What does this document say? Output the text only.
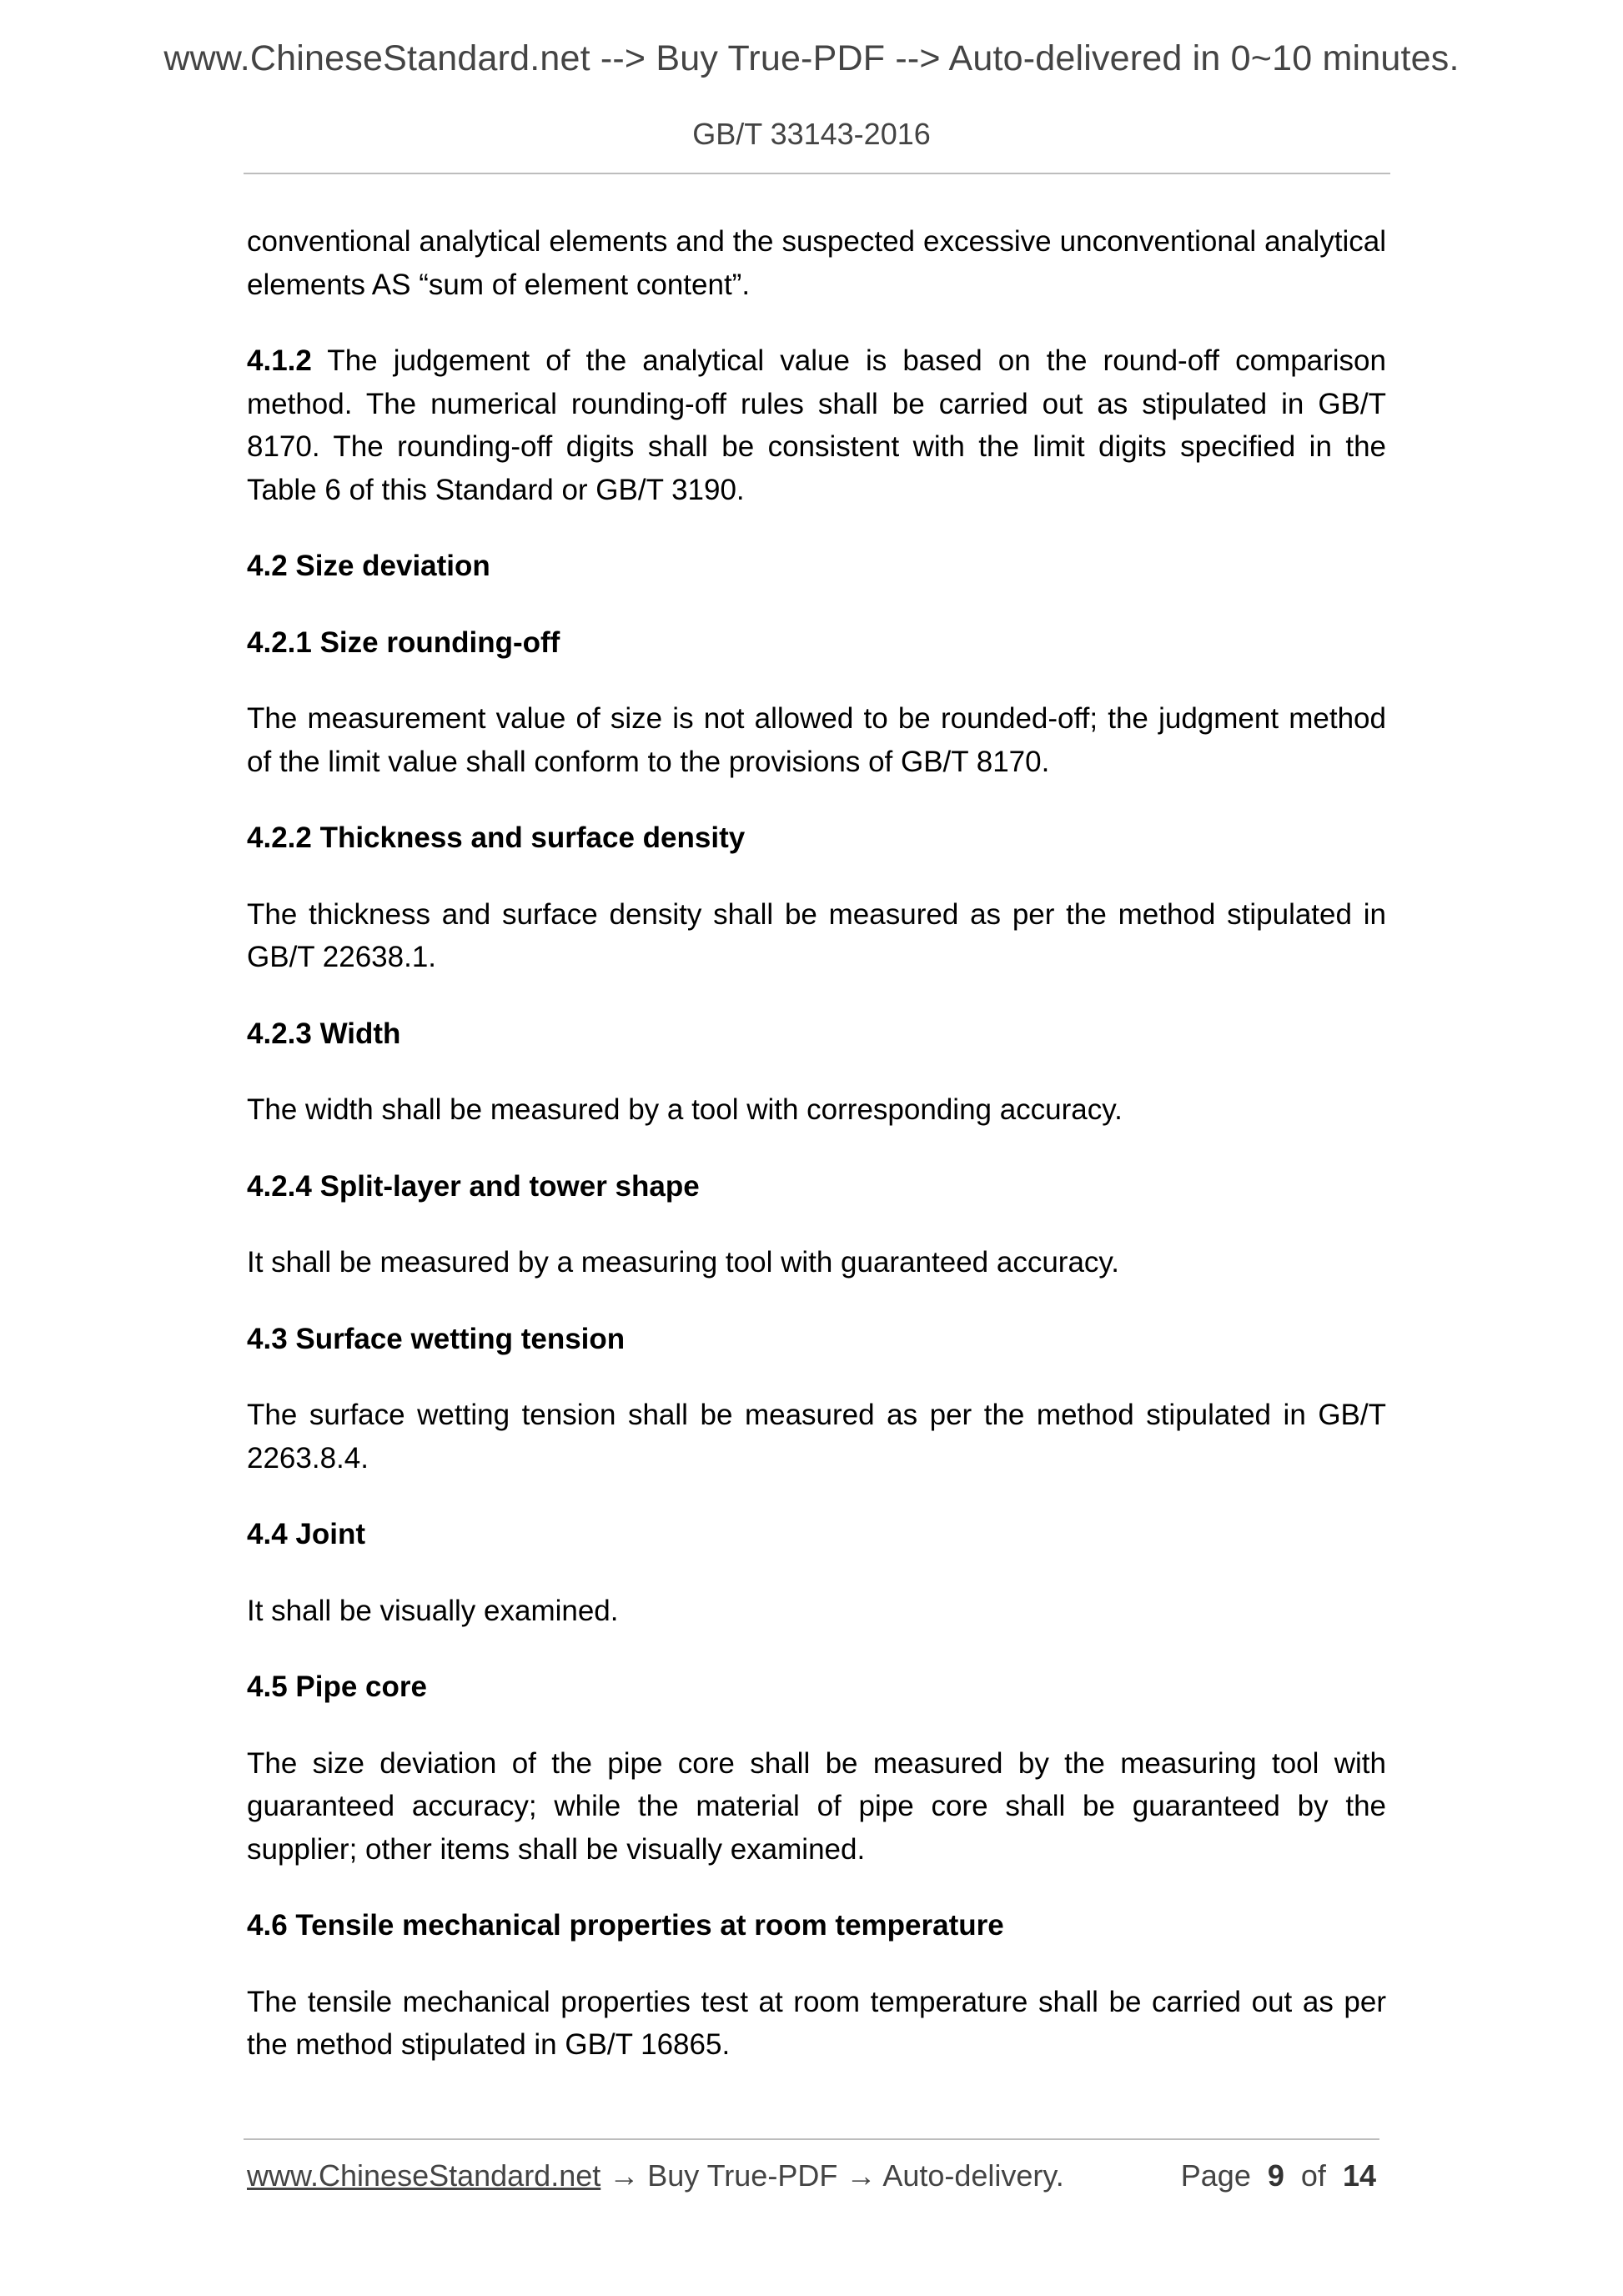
www.ChineseStandard.net --> Buy True-PDF --> Auto-delivered in 0~10 minutes.
GB/T 33143-2016

conventional analytical elements and the suspected excessive unconventional analytical elements AS “sum of element content”.

4.1.2 The judgement of the analytical value is based on the round-off comparison method. The numerical rounding-off rules shall be carried out as stipulated in GB/T 8170. The rounding-off digits shall be consistent with the limit digits specified in the Table 6 of this Standard or GB/T 3190.

4.2 Size deviation
4.2.1 Size rounding-off

The measurement value of size is not allowed to be rounded-off; the judgment method of the limit value shall conform to the provisions of GB/T 8170.

4.2.2 Thickness and surface density

The thickness and surface density shall be measured as per the method stipulated in GB/T 22638.1.

4.2.3 Width

The width shall be measured by a tool with corresponding accuracy.

4.2.4 Split-layer and tower shape

It shall be measured by a measuring tool with guaranteed accuracy.

4.3 Surface wetting tension

The surface wetting tension shall be measured as per the method stipulated in GB/T 2263.8.4.

4.4 Joint

It shall be visually examined.

4.5 Pipe core

The size deviation of the pipe core shall be measured by the measuring tool with guaranteed accuracy; while the material of pipe core shall be guaranteed by the supplier; other items shall be visually examined.

4.6 Tensile mechanical properties at room temperature

The tensile mechanical properties test at room temperature shall be carried out as per the method stipulated in GB/T 16865.

www.ChineseStandard.net → Buy True-PDF → Auto-delivery.	Page 9 of 14
